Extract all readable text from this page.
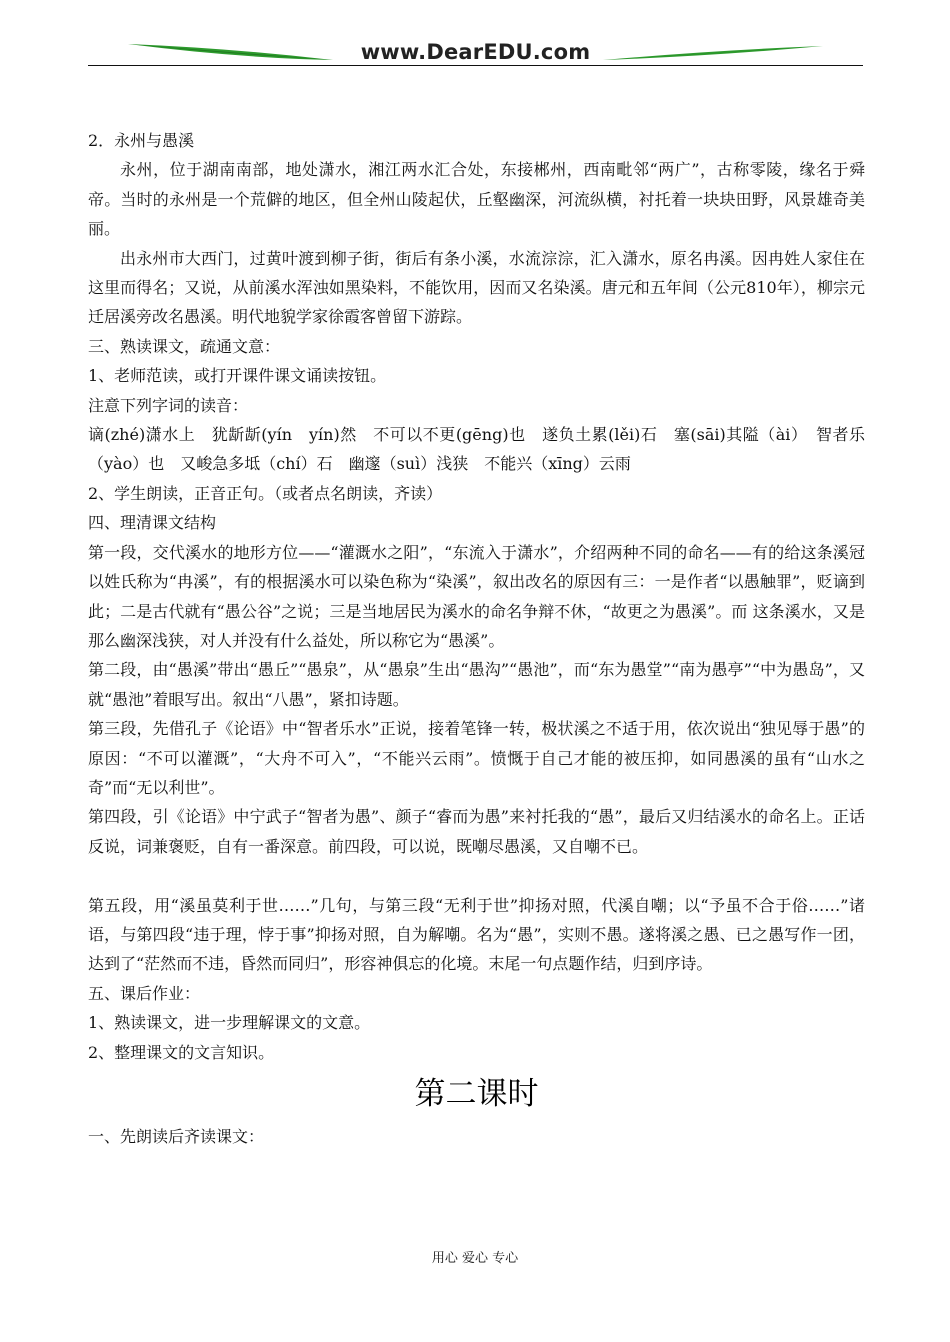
www.DearEDU.com

2．永州与愚溪

永州，位于湖南南部，地处潇水，湘江两水汇合处，东接郴州，西南毗邻“两广”，古称零陵，缘名于舜帝。当时的永州是一个荒僻的地区，但全州山陵起伏，丘壑幽深，河流纵横，衬托着一块块田野，风景雄奇美丽。

出永州市大西门，过黄叶渡到柳子街，街后有条小溪，水流淙淙，汇入潇水，原名冉溪。因冉姓人家住在这里而得名；又说，从前溪水浑浊如黑染料，不能饮用，因而又名染溪。唐元和五年间（公元810年），柳宗元迁居溪旁改名愚溪。明代地貌学家徐霞客曾留下游踪。

三、熟读课文，疏通文意：

1、老师范读，或打开课件课文诵读按钮。

注意下列字词的读音：

谪(zhé)潇水上　犹龂龂(yín　yín)然　不可以不更(gēng)也　遂负土累(lěi)石　塞(sāi)其隘（ài）　智者乐（yào）也　又峻急多坻（chí）石　幽邃（suì）浅狭　不能兴（xīng）云雨

2、学生朗读，正音正句。（或者点名朗读，齐读）

四、理清课文结构

第一段，交代溪水的地形方位——“灌溉水之阳”，“东流入于潇水”，介绍两种不同的命名——有的给这条溪冠以姓氏称为“冉溪”，有的根据溪水可以染色称为“染溪”，叙出改名的原因有三：一是作者“以愚触罪”，贬谪到此；二是古代就有“愚公谷”之说；三是当地居民为溪水的命名争辩不休，“故更之为愚溪”。而 这条溪水，又是那么幽深浅狭，对人并没有什么益处，所以称它为“愚溪”。

第二段，由“愚溪”带出“愚丘”“愚泉”，从“愚泉”生出“愚沟”“愚池”，而“东为愚堂”“南为愚亭”“中为愚岛”，又就“愚池”着眼写出。叙出“八愚”，紧扣诗题。

第三段，先借孔子《论语》中“智者乐水”正说，接着笔锋一转，极状溪之不适于用，依次说出“独见辱于愚”的原因：“不可以灌溉”，“大舟不可入”，“不能兴云雨”。愤慨于自己才能的被压抑，如同愚溪的虽有“山水之奇”而“无以利世”。

第四段，引《论语》中宁武子“智者为愚”、颜子“睿而为愚”来衬托我的“愚”，最后又归结溪水的命名上。正话反说，词兼褒贬，自有一番深意。前四段，可以说，既嘲尽愚溪，又自嘲不已。

第五段，用“溪虽莫利于世……”几句，与第三段“无利于世”抑扬对照，代溪自嘲；以“予虽不合于俗……”诸语，与第四段“违于理，悖于事”抑扬对照，自为解嘲。名为“愚”，实则不愚。遂将溪之愚、已之愚写作一团，达到了“茫然而不违，昏然而同归”，形容神俱忘的化境。末尾一句点题作结，归到序诗。

五、课后作业：

1、熟读课文，进一步理解课文的文意。

2、整理课文的文言知识。

第二课时

一、先朗读后齐读课文：

用心 爱心 专心
